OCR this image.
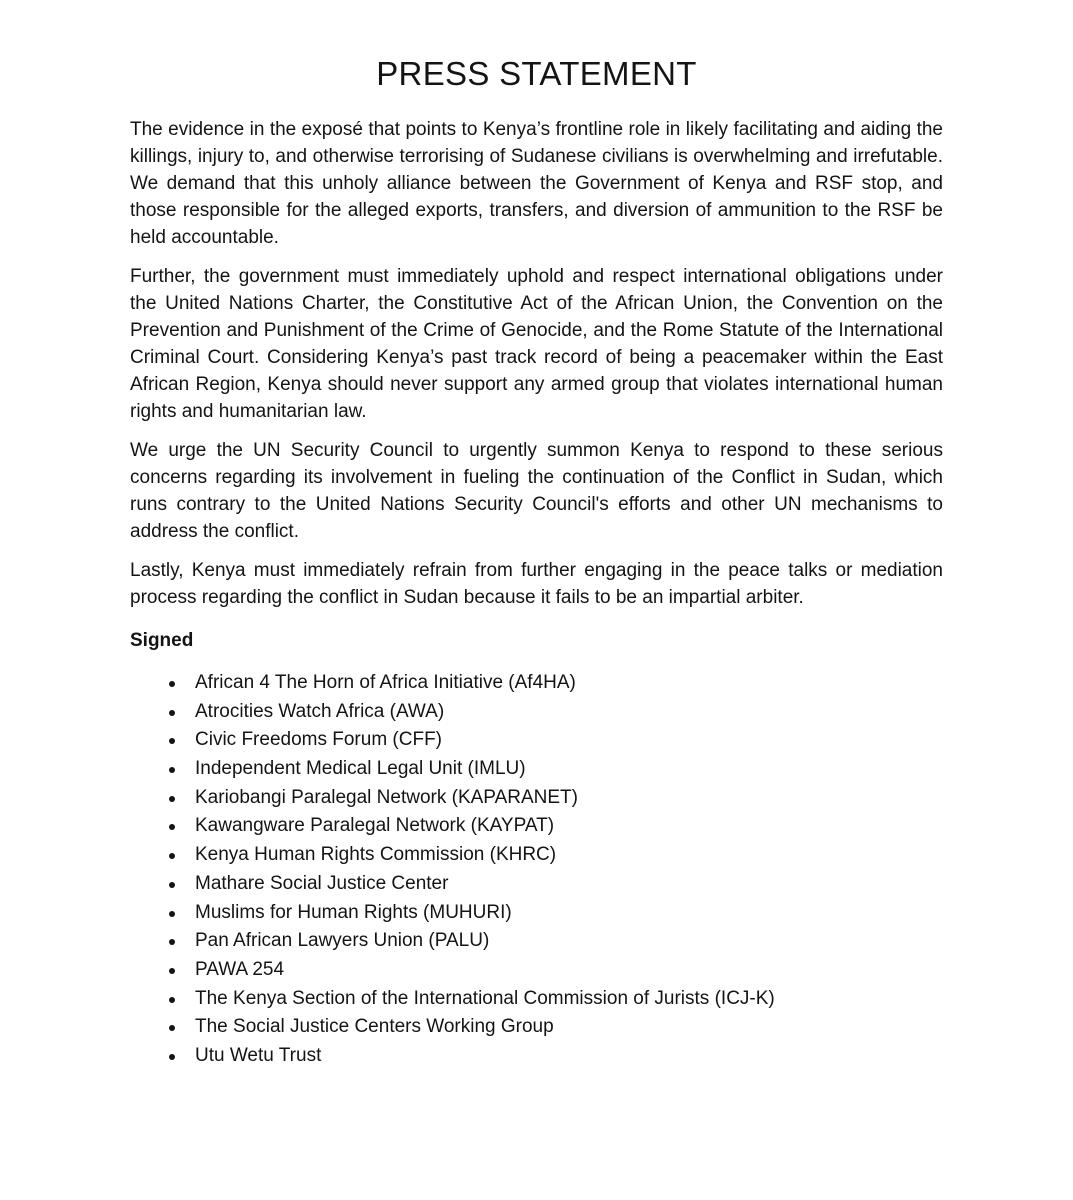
PRESS STATEMENT

The evidence in the exposé that points to Kenya’s frontline role in likely facilitating and aiding the killings, injury to, and otherwise terrorising of Sudanese civilians is overwhelming and irrefutable. We demand that this unholy alliance between the Government of Kenya and RSF stop, and those responsible for the alleged exports, transfers, and diversion of ammunition to the RSF be held accountable.

Further, the government must immediately uphold and respect international obligations under the United Nations Charter, the Constitutive Act of the African Union, the Convention on the Prevention and Punishment of the Crime of Genocide, and the Rome Statute of the International Criminal Court. Considering Kenya’s past track record of being a peacemaker within the East African Region, Kenya should never support any armed group that violates international human rights and humanitarian law.

We urge the UN Security Council to urgently summon Kenya to respond to these serious concerns regarding its involvement in fueling the continuation of the Conflict in Sudan, which runs contrary to the United Nations Security Council's efforts and other UN mechanisms to address the conflict.

Lastly, Kenya must immediately refrain from further engaging in the peace talks or mediation process regarding the conflict in Sudan because it fails to be an impartial arbiter.

Signed
African 4 The Horn of Africa Initiative (Af4HA)
Atrocities Watch Africa (AWA)
Civic Freedoms Forum (CFF)
Independent Medical Legal Unit (IMLU)
Kariobangi Paralegal Network (KAPARANET)
Kawangware Paralegal Network (KAYPAT)
Kenya Human Rights Commission (KHRC)
Mathare Social Justice Center
Muslims for Human Rights (MUHURI)
Pan African Lawyers Union (PALU)
PAWA 254
The Kenya Section of the International Commission of Jurists (ICJ-K)
The Social Justice Centers Working Group
Utu Wetu Trust
